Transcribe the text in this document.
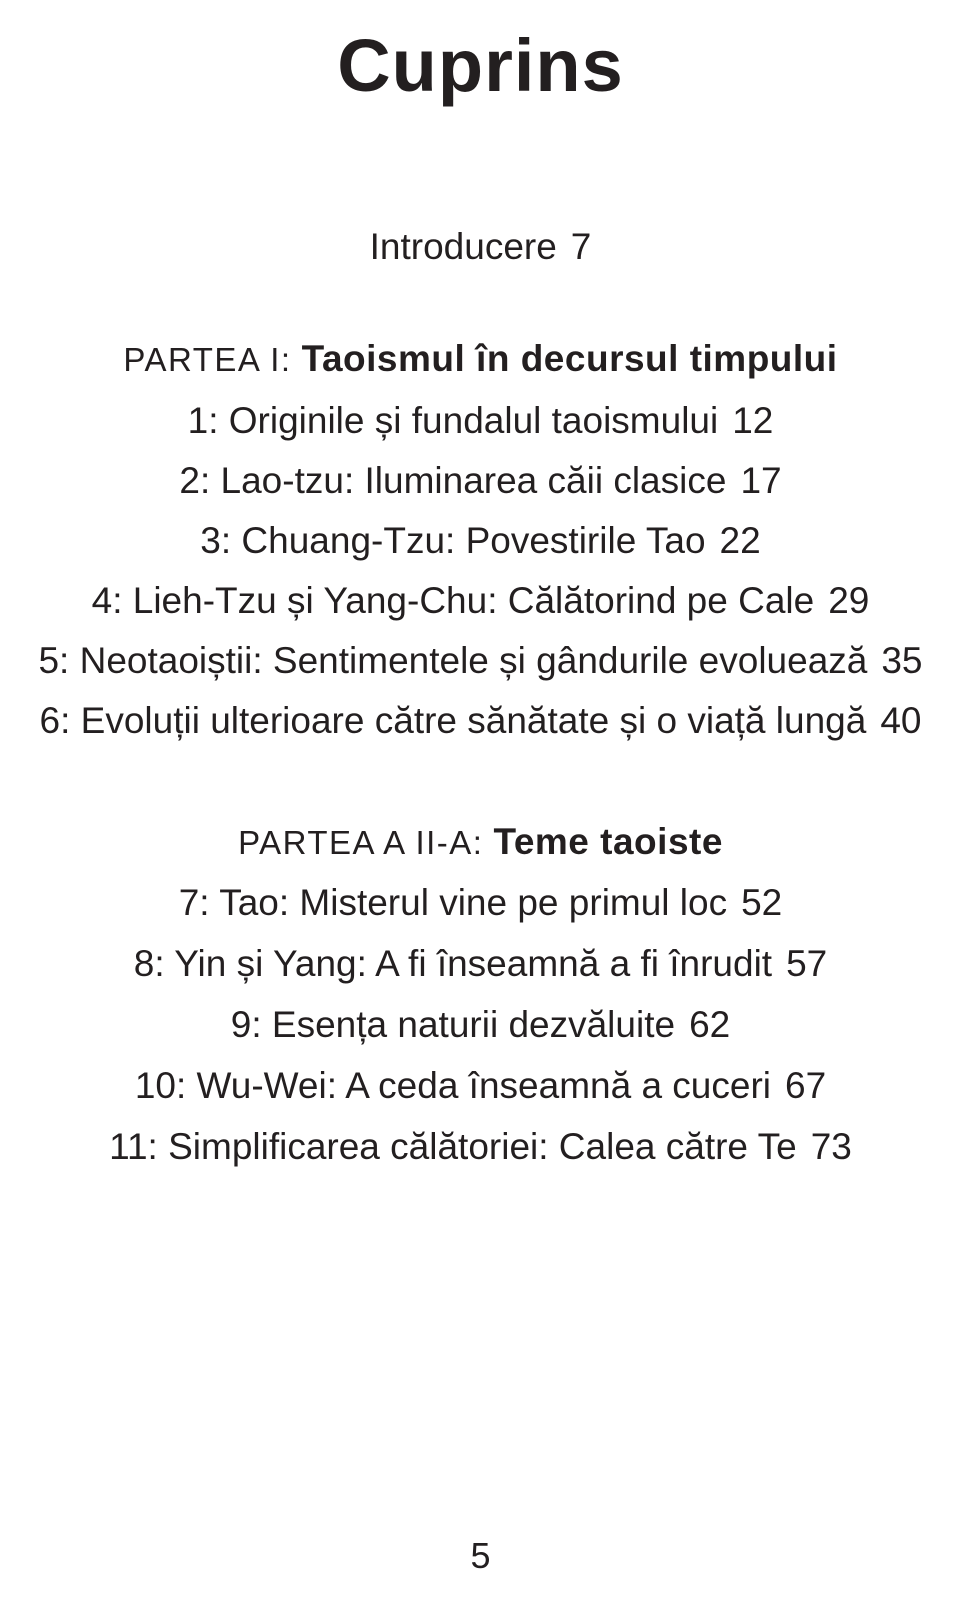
Cuprins
Introducere 7
PARTEA I: Taoismul în decursul timpului
1: Originile și fundalul taoismului 12
2: Lao-tzu: Iluminarea căii clasice 17
3: Chuang-Tzu: Povestirile Tao 22
4: Lieh-Tzu și Yang-Chu: Călătorind pe Cale 29
5: Neotaoiștii: Sentimentele și gândurile evoluează 35
6: Evoluții ulterioare către sănătate și o viață lungă 40
PARTEA A II-A: Teme taoiste
7: Tao: Misterul vine pe primul loc 52
8: Yin și Yang: A fi înseamnă a fi înrudit 57
9: Esența naturii dezvăluite 62
10: Wu-Wei: A ceda înseamnă a cuceri 67
11: Simplificarea călătoriei: Calea către Te 73
5
